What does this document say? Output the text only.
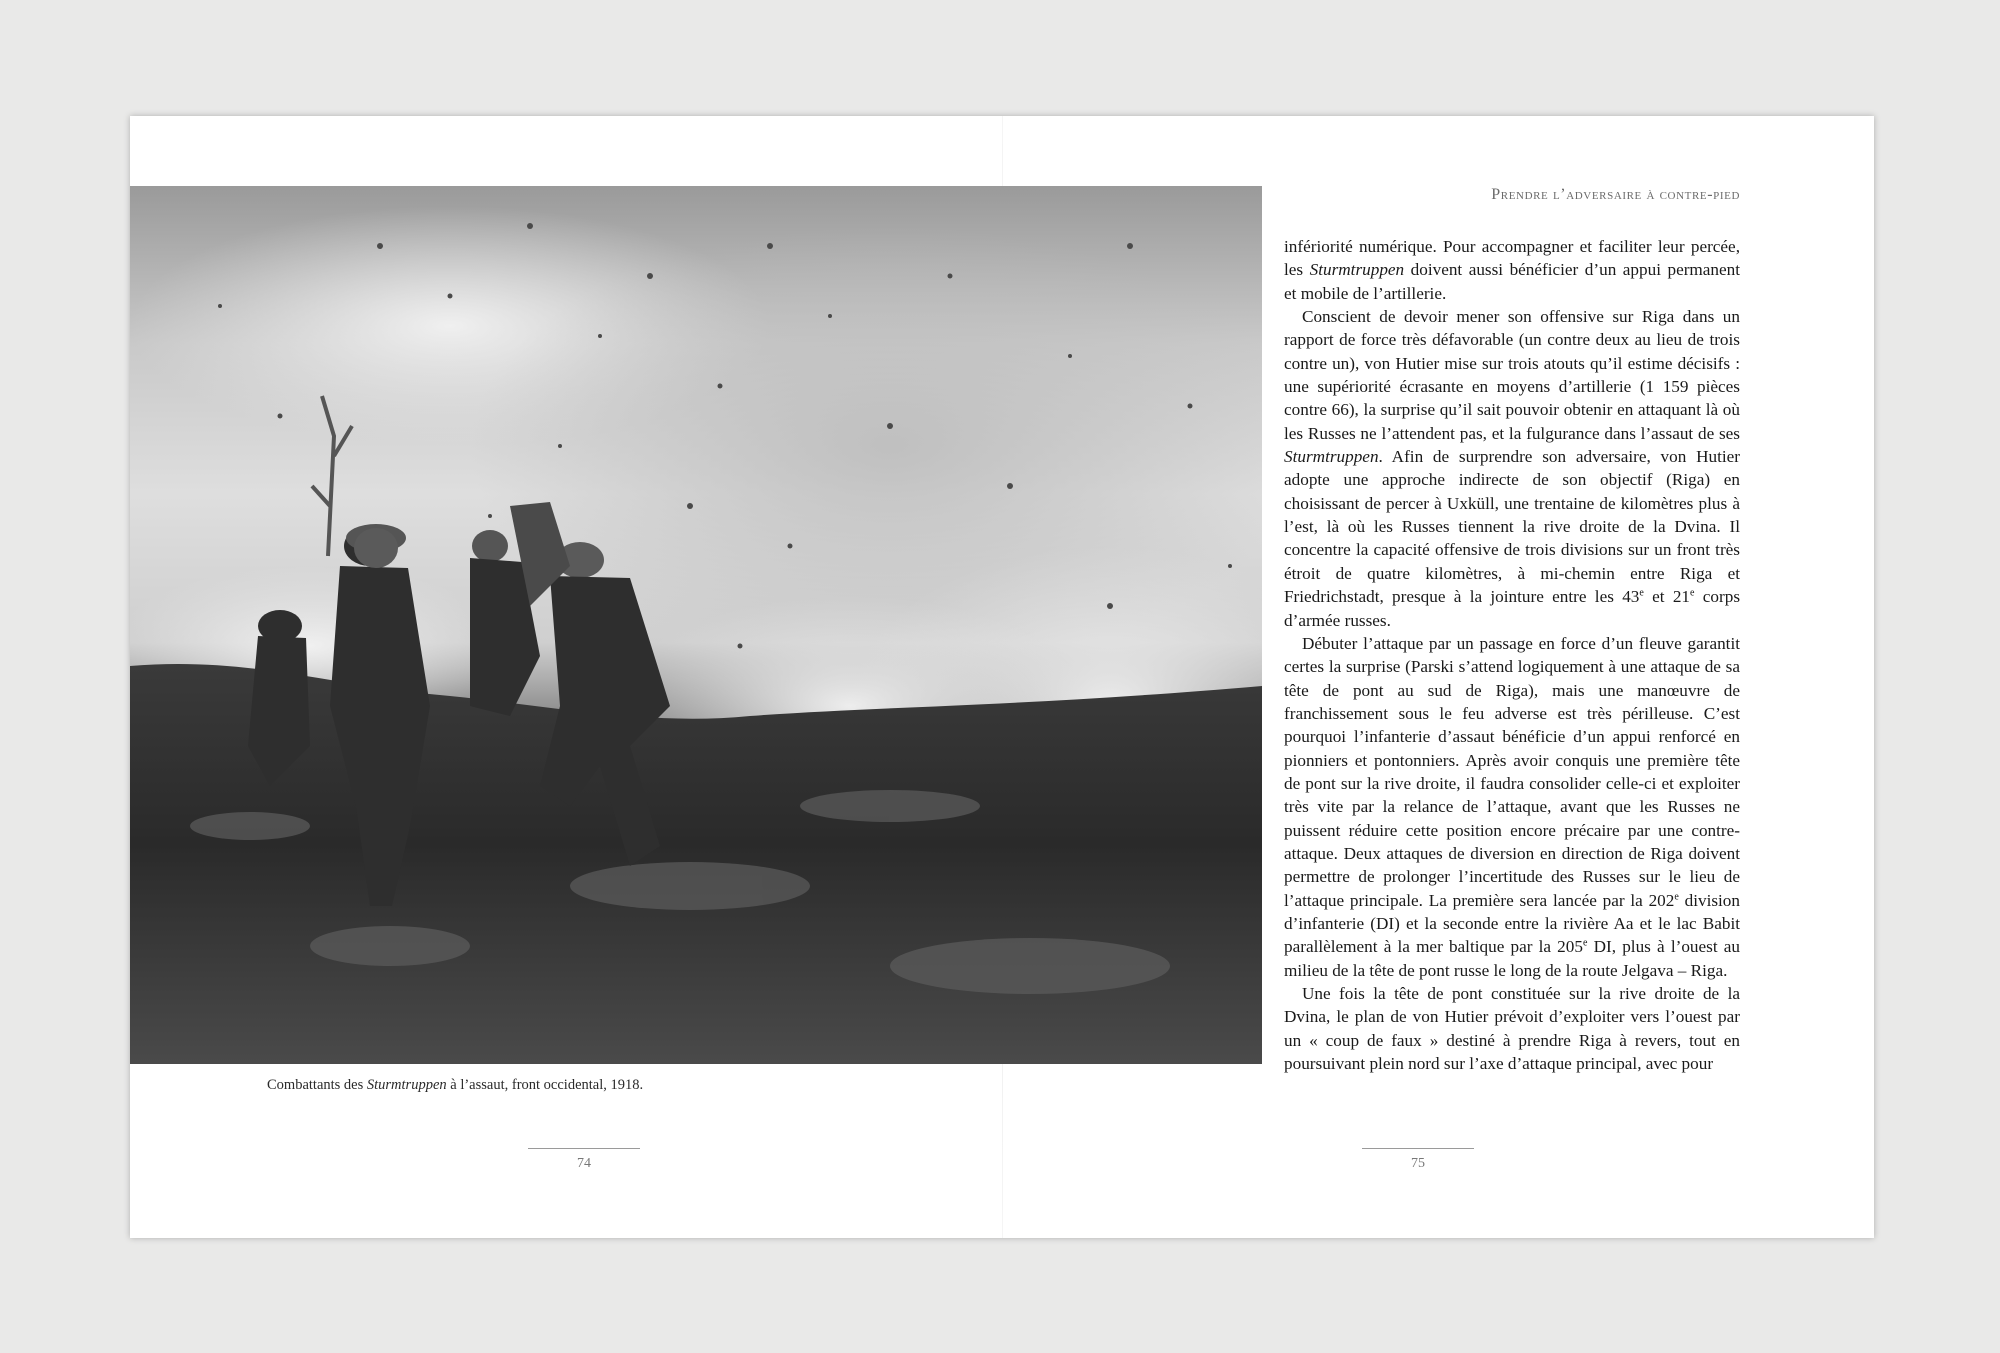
Combattants des Sturmtruppen à l’assaut, front occidental, 1918.
74
Prendre l’adversaire à contre-pied

infériorité numérique. Pour accompagner et faciliter leur percée, les Sturmtruppen doivent aussi bénéficier d’un appui permanent et mobile de l’artillerie.

Conscient de devoir mener son offensive sur Riga dans un rapport de force très défavorable (un contre deux au lieu de trois contre un), von Hutier mise sur trois atouts qu’il estime décisifs : une supériorité écrasante en moyens d’artillerie (1 159 pièces contre 66), la surprise qu’il sait pouvoir obtenir en attaquant là où les Russes ne l’attendent pas, et la fulgurance dans l’assaut de ses Sturmtruppen. Afin de surprendre son adversaire, von Hutier adopte une approche indirecte de son objectif (Riga) en choisissant de percer à Uxküll, une trentaine de kilomètres plus à l’est, là où les Russes tiennent la rive droite de la Dvina. Il concentre la capacité offensive de trois divisions sur un front très étroit de quatre kilomètres, à mi-chemin entre Riga et Friedrichstadt, presque à la jointure entre les 43e et 21e corps d’armée russes.

Débuter l’attaque par un passage en force d’un fleuve garantit certes la surprise (Parski s’attend logiquement à une attaque de sa tête de pont au sud de Riga), mais une manœuvre de franchissement sous le feu adverse est très périlleuse. C’est pourquoi l’infanterie d’assaut bénéficie d’un appui renforcé en pionniers et pontonniers. Après avoir conquis une première tête de pont sur la rive droite, il faudra consolider celle-ci et exploiter très vite par la relance de l’attaque, avant que les Russes ne puissent réduire cette position encore précaire par une contre-attaque. Deux attaques de diversion en direction de Riga doivent permettre de prolonger l’incertitude des Russes sur le lieu de l’attaque principale. La première sera lancée par la 202e division d’infanterie (DI) et la seconde entre la rivière Aa et le lac Babit parallèlement à la mer baltique par la 205e DI, plus à l’ouest au milieu de la tête de pont russe le long de la route Jelgava – Riga.

Une fois la tête de pont constituée sur la rive droite de la Dvina, le plan de von Hutier prévoit d’exploiter vers l’ouest par un « coup de faux » destiné à prendre Riga à revers, tout en poursuivant plein nord sur l’axe d’attaque principal, avec pour

75
